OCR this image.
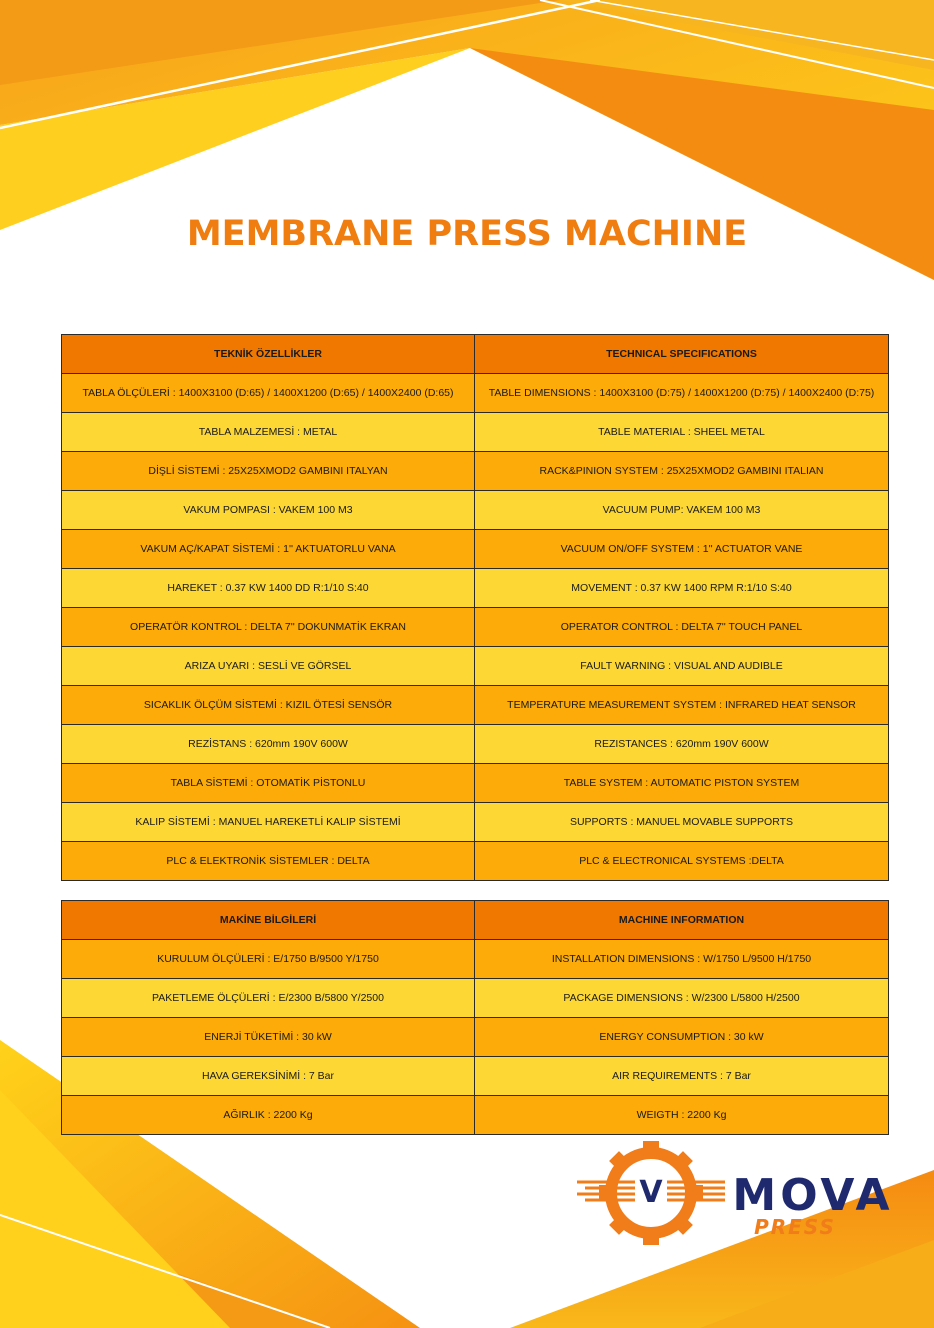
MEMBRANE PRESS MACHINE
TEKNİK ÖZELLİKLER	TECHNICAL SPECIFICATIONS
TABLA ÖLÇÜLERİ : 1400X3100 (D:65) / 1400X1200 (D:65) / 1400X2400 (D:65)	TABLE DIMENSIONS : 1400X3100 (D:75) / 1400X1200 (D:75) / 1400X2400 (D:75)
TABLA MALZEMESİ : METAL	TABLE MATERIAL : SHEEL METAL
DİŞLİ SİSTEMİ : 25X25XMOD2 GAMBINI ITALYAN	RACK&PINION SYSTEM : 25X25XMOD2 GAMBINI ITALIAN
VAKUM POMPASI : VAKEM 100 M3	VACUUM PUMP: VAKEM 100 M3
VAKUM AÇ/KAPAT SİSTEMİ : 1'' AKTUATORLU VANA	VACUUM ON/OFF SYSTEM : 1'' ACTUATOR VANE
HAREKET : 0.37 KW 1400 DD R:1/10 S:40	MOVEMENT : 0.37 KW 1400 RPM R:1/10 S:40
OPERATÖR KONTROL : DELTA 7'' DOKUNMATİK EKRAN	OPERATOR CONTROL : DELTA 7'' TOUCH PANEL
ARIZA UYARI : SESLİ VE GÖRSEL	FAULT WARNING : VISUAL AND AUDIBLE
SICAKLIK ÖLÇÜM SİSTEMİ : KIZIL ÖTESİ SENSÖR	TEMPERATURE MEASUREMENT SYSTEM : INFRARED HEAT SENSOR
REZİSTANS : 620mm 190V 600W	REZISTANCES : 620mm 190V 600W
TABLA SİSTEMİ : OTOMATİK PİSTONLU	TABLE SYSTEM : AUTOMATIC PISTON SYSTEM
KALIP SİSTEMİ : MANUEL HAREKETLİ KALIP SİSTEMİ	SUPPORTS : MANUEL MOVABLE SUPPORTS
PLC & ELEKTRONİK SİSTEMLER : DELTA	PLC & ELECTRONICAL SYSTEMS :DELTA
MAKİNE BİLGİLERİ	MACHINE INFORMATION
KURULUM ÖLÇÜLERİ : E/1750 B/9500 Y/1750	INSTALLATION DIMENSIONS : W/1750 L/9500 H/1750
PAKETLEME ÖLÇÜLERİ : E/2300 B/5800 Y/2500	PACKAGE DIMENSIONS : W/2300 L/5800 H/2500
ENERJİ TÜKETİMİ : 30 kW	ENERGY CONSUMPTION : 30 kW
HAVA GEREKSİNİMİ : 7 Bar	AIR REQUIREMENTS : 7 Bar
AĞIRLIK : 2200 Kg	WEIGTH : 2200 Kg
V MOVA
PRESS
